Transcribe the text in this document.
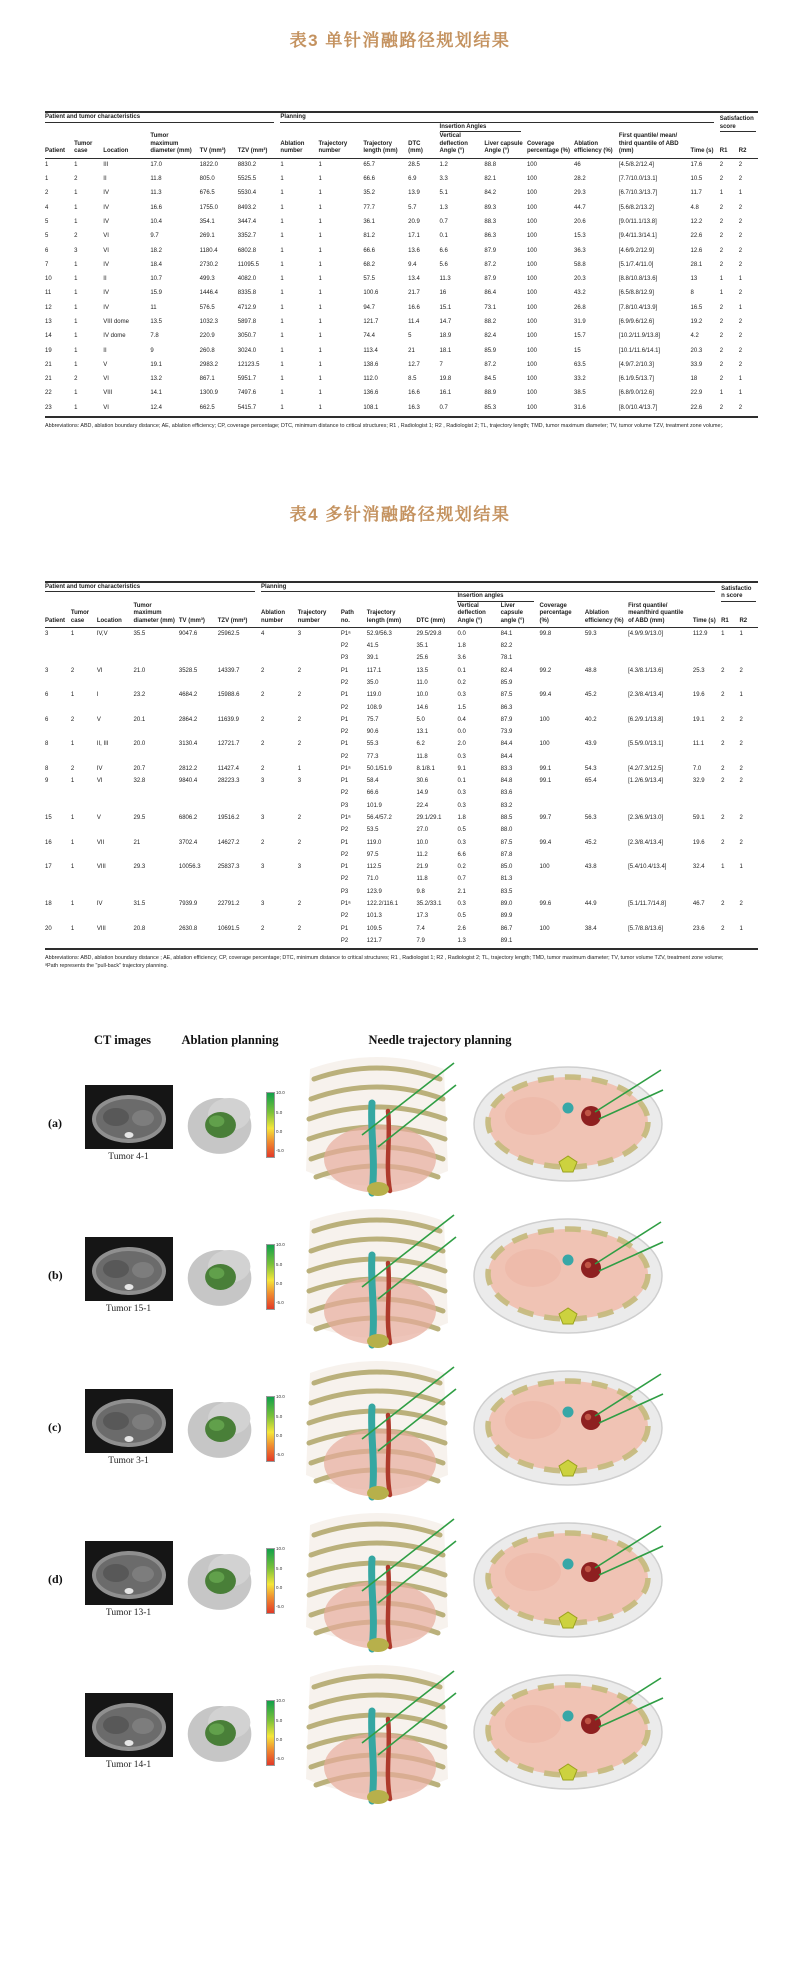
表3 单针消融路径规划结果
Patient and tumor characteristics						Planning										Satisfaction score	
										Insertion Angles							
Patient	Tumor case	Location	Tumor maximum diameter (mm)	TV (mm³)	TZV (mm³)	Ablation number	Trajectory number	Trajectory length (mm)	DTC (mm)	Vertical deflection Angle (°)	Liver capsule Angle (°)	Coverage percentage (%)	Ablation efficiency (%)	First quantile/ mean/ third quantile of ABD (mm)	Time (s)	R1	R2
1	1	III	17.0	1822.0	8830.2	1	1	65.7	28.5	1.2	88.8	100	46	[4.5/8.2/12.4]	17.6	2	2
1	2	II	11.8	805.0	5525.5	1	1	66.6	6.9	3.3	82.1	100	28.2	[7.7/10.0/13.1]	10.5	2	2
2	1	IV	11.3	676.5	5530.4	1	1	35.2	13.9	5.1	84.2	100	29.3	[6.7/10.3/13.7]	11.7	1	1
4	1	IV	16.6	1755.0	8493.2	1	1	77.7	5.7	1.3	89.3	100	44.7	[5.6/8.2/13.2]	4.8	2	2
5	1	IV	10.4	354.1	3447.4	1	1	36.1	20.9	0.7	88.3	100	20.6	[9.0/11.1/13.8]	12.2	2	2
5	2	VI	9.7	269.1	3352.7	1	1	81.2	17.1	0.1	86.3	100	15.3	[9.4/11.3/14.1]	22.6	2	2
6	3	VI	18.2	1180.4	6802.8	1	1	66.6	13.6	6.6	87.9	100	36.3	[4.6/9.2/12.9]	12.6	2	2
7	1	IV	18.4	2730.2	11095.5	1	1	68.2	9.4	5.6	87.2	100	58.8	[5.1/7.4/11.0]	28.1	2	2
10	1	II	10.7	499.3	4082.0	1	1	57.5	13.4	11.3	87.9	100	20.3	[8.8/10.8/13.6]	13	1	1
11	1	IV	15.9	1446.4	8335.8	1	1	100.6	21.7	16	86.4	100	43.2	[6.5/8.8/12.9]	8	1	2
12	1	IV	11	576.5	4712.9	1	1	94.7	16.6	15.1	73.1	100	26.8	[7.8/10.4/13.9]	16.5	2	1
13	1	VIII dome	13.5	1032.3	5897.8	1	1	121.7	11.4	14.7	88.2	100	31.9	[6.9/9.6/12.6]	19.2	2	2
14	1	IV dome	7.8	220.9	3050.7	1	1	74.4	5	18.9	82.4	100	15.7	[10.2/11.9/13.8]	4.2	2	2
19	1	II	9	260.8	3024.0	1	1	113.4	21	18.1	85.9	100	15	[10.1/11.6/14.1]	20.3	2	2
21	1	V	19.1	2983.2	12123.5	1	1	138.6	12.7	7	87.2	100	63.5	[4.9/7.2/10.3]	33.9	2	2
21	2	VI	13.2	867.1	5951.7	1	1	112.0	8.5	19.8	84.5	100	33.2	[6.1/9.5/13.7]	18	2	1
22	1	VIII	14.1	1300.9	7497.6	1	1	136.6	16.6	16.1	88.9	100	38.5	[6.8/9.0/12.6]	22.9	1	1
23	1	VI	12.4	662.5	5415.7	1	1	108.1	16.3	0.7	85.3	100	31.6	[8.0/10.4/13.7]	22.6	2	2
Abbreviations: ABD, ablation boundary distance; AE, ablation efficiency; CP, coverage percentage; DTC, minimum distance to critical structures; R1 , Radiologist 1; R2 , Radiologist 2; TL, trajectory length; TMD, tumor maximum diameter; TV, tumor volume TZV, treatment zone volume;.
表4 多针消融路径规划结果
Patient and tumor characteristics						Planning											Satisfaction score	
											Insertion angles							
Patient	Tumor case	Location	Tumor maximum diameter (mm)	TV (mm³)	TZV (mm³)	Ablation number	Trajectory number	Path no.	Trajectory length (mm)	DTC (mm)	Vertical deflection Angle (°)	Liver capsule angle (°)	Coverage percentage (%)	Ablation efficiency (%)	First quantile/ mean/third quantile of ABD (mm)	Time (s)	R1	R2
3	1	IV,V	35.5	9047.6	25962.5	4	3	P1ᵃ	52.9/56.3	29.5/29.8	0.0	84.1	99.8	59.3	[4.9/9.9/13.0]	112.9	1	1
								P2	41.5	35.1	1.8	82.2						
								P3	39.1	25.6	3.6	78.1						
3	2	VI	21.0	3528.5	14339.7	2	2	P1	117.1	13.5	0.1	82.4	99.2	48.8	[4.3/8.1/13.6]	25.3	2	2
								P2	35.0	11.0	0.2	85.9						
6	1	I	23.2	4684.2	15988.6	2	2	P1	119.0	10.0	0.3	87.5	99.4	45.2	[2.3/8.4/13.4]	19.6	2	1
								P2	108.9	14.6	1.5	86.3						
6	2	V	20.1	2864.2	11639.9	2	2	P1	75.7	5.0	0.4	87.9	100	40.2	[6.2/9.1/13.8]	19.1	2	2
								P2	90.6	13.1	0.0	73.9						
8	1	II, III	20.0	3130.4	12721.7	2	2	P1	55.3	6.2	2.0	84.4	100	43.9	[5.5/9.0/13.1]	11.1	2	2
								P2	77.3	11.8	0.3	84.4						
8	2	IV	20.7	2812.2	11427.4	2	1	P1ᵃ	50.1/51.9	8.1/8.1	9.1	83.3	99.1	54.3	[4.2/7.3/12.5]	7.0	2	2
9	1	VI	32.8	9840.4	28223.3	3	3	P1	58.4	30.6	0.1	84.8	99.1	65.4	[1.2/6.9/13.4]	32.9	2	2
								P2	66.6	14.9	0.3	83.6						
								P3	101.9	22.4	0.3	83.2						
15	1	V	29.5	6806.2	19516.2	3	2	P1ᵃ	56.4/57.2	29.1/29.1	1.8	88.5	99.7	56.3	[2.3/6.9/13.0]	59.1	2	2
								P2	53.5	27.0	0.5	88.0						
16	1	VII	21	3702.4	14627.2	2	2	P1	119.0	10.0	0.3	87.5	99.4	45.2	[2.3/8.4/13.4]	19.6	2	2
								P2	97.5	11.2	6.6	87.8						
17	1	VIII	29.3	10056.3	25837.3	3	3	P1	112.5	21.9	0.2	85.0	100	43.8	[5.4/10.4/13.4]	32.4	1	1
								P2	71.0	11.8	0.7	81.3						
								P3	123.9	9.8	2.1	83.5						
18	1	IV	31.5	7939.9	22791.2	3	2	P1ᵃ	122.2/116.1	35.2/33.1	0.3	89.0	99.6	44.9	[5.1/11.7/14.8]	46.7	2	2
								P2	101.3	17.3	0.5	89.9						
20	1	VIII	20.8	2630.8	10691.5	2	2	P1	109.5	7.4	2.6	86.7	100	38.4	[5.7/8.8/13.6]	23.6	2	1
								P2	121.7	7.9	1.3	89.1						
Abbreviations: ABD, ablation boundary distance ; AE, ablation efficiency; CP, coverage percentage; DTC, minimum distance to critical structures; R1 , Radiologist 1; R2 , Radiologist 2; TL, trajectory length; TMD, tumor maximum diameter; TV, tumor volume TZV, treatment zone volume;
ᵃPath represents the "pull-back" trajectory planning.
CT images	Ablation planning	Needle trajectory planning
(a)
Tumor 4-1
10.0
5.0
0.0
-5.0
(b)
Tumor 15-1
10.0
5.0
0.0
-5.0
(c)
Tumor 3-1
10.0
5.0
0.0
-5.0
(d)
Tumor 13-1
10.0
5.0
0.0
-5.0
Tumor 14-1
10.0
5.0
0.0
-5.0
